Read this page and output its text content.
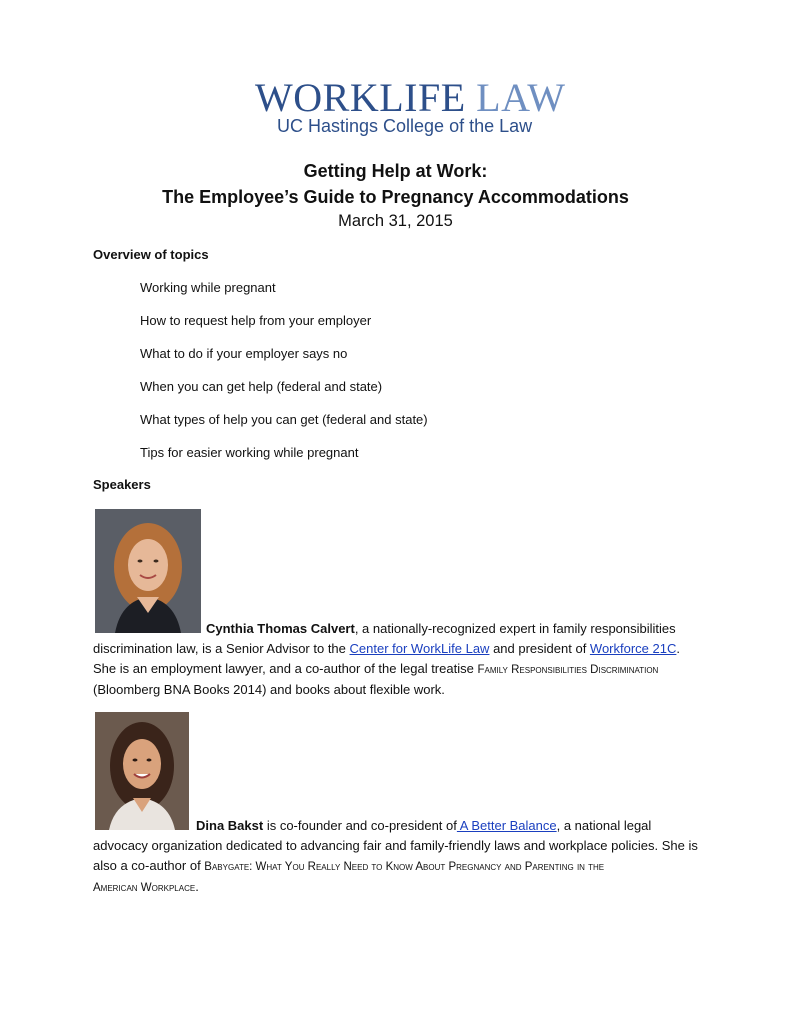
WORKLIFE LAW
UC Hastings College of the Law
Getting Help at Work:
The Employee’s Guide to Pregnancy Accommodations
March 31, 2015
Overview of topics
Working while pregnant
How to request help from your employer
What to do if your employer says no
When you can get help (federal and state)
What types of help you can get (federal and state)
Tips for easier working while pregnant
Speakers
Cynthia Thomas Calvert, a nationally-recognized expert in family responsibilities
discrimination law, is a Senior Advisor to the Center for WorkLife Law and president of Workforce 21C.
She is an employment lawyer, and a co-author of the legal treatise Family Responsibilities Discrimination
(Bloomberg BNA Books 2014) and books about flexible work.
Dina Bakst is co-founder and co-president of A Better Balance, a national legal
advocacy organization dedicated to advancing fair and family-friendly laws and workplace policies. She is
also a co-author of Babygate: What You Really Need to Know About Pregnancy and Parenting in the
American Workplace.
